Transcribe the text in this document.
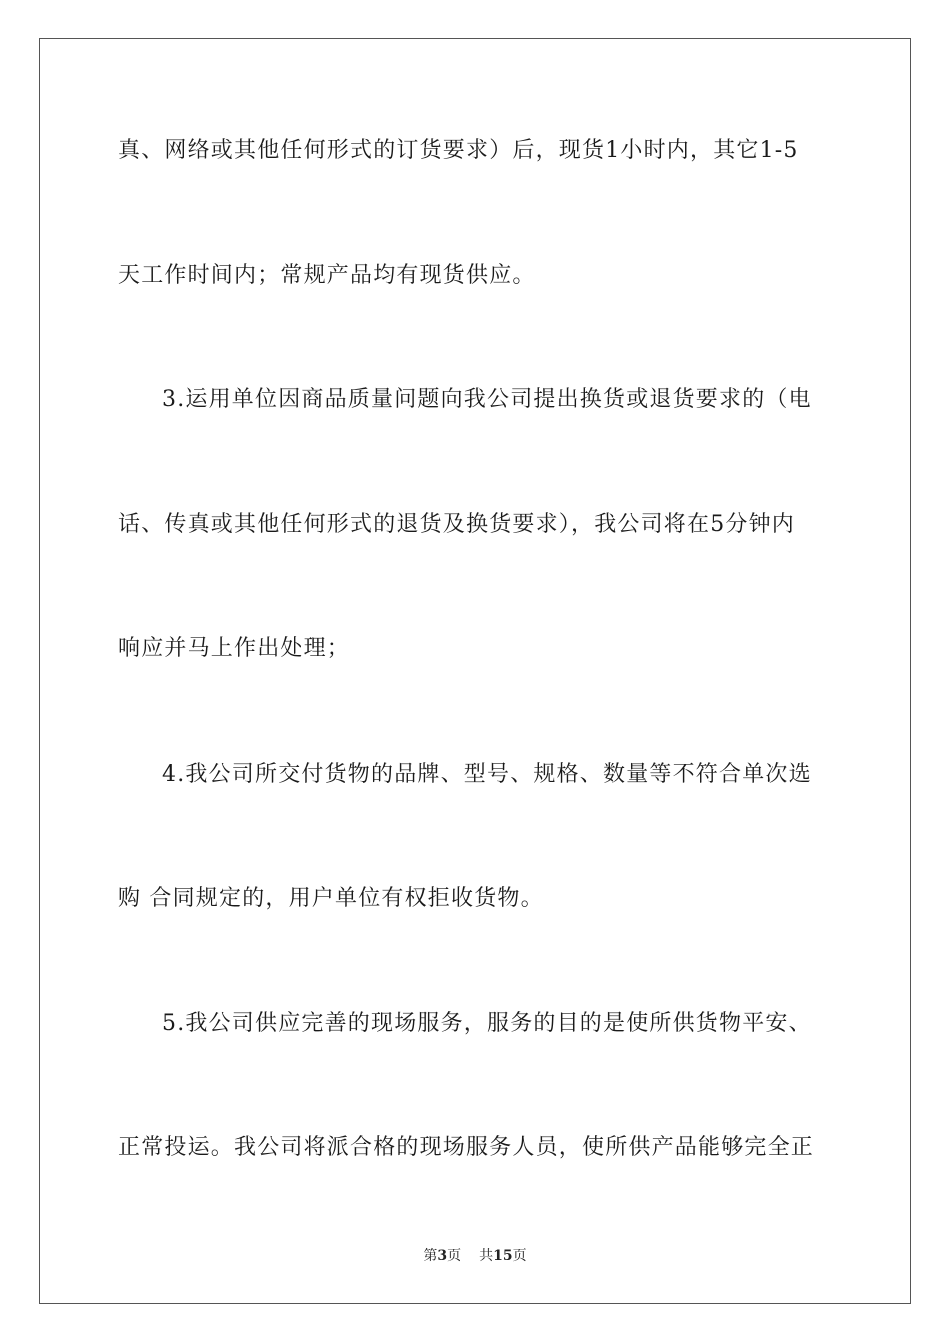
真、网络或其他任何形式的订货要求）后，现货1小时内，其它1-5
天工作时间内；常规产品均有现货供应。
3.运用单位因商品质量问题向我公司提出换货或退货要求的（电
话、传真或其他任何形式的退货及换货要求），我公司将在5分钟内
响应并马上作出处理；
4.我公司所交付货物的品牌、型号、规格、数量等不符合单次选
购 合同规定的，用户单位有权拒收货物。
5.我公司供应完善的现场服务，服务的目的是使所供货物平安、
正常投运。我公司将派合格的现场服务人员，使所供产品能够完全正
第3页 共15页
